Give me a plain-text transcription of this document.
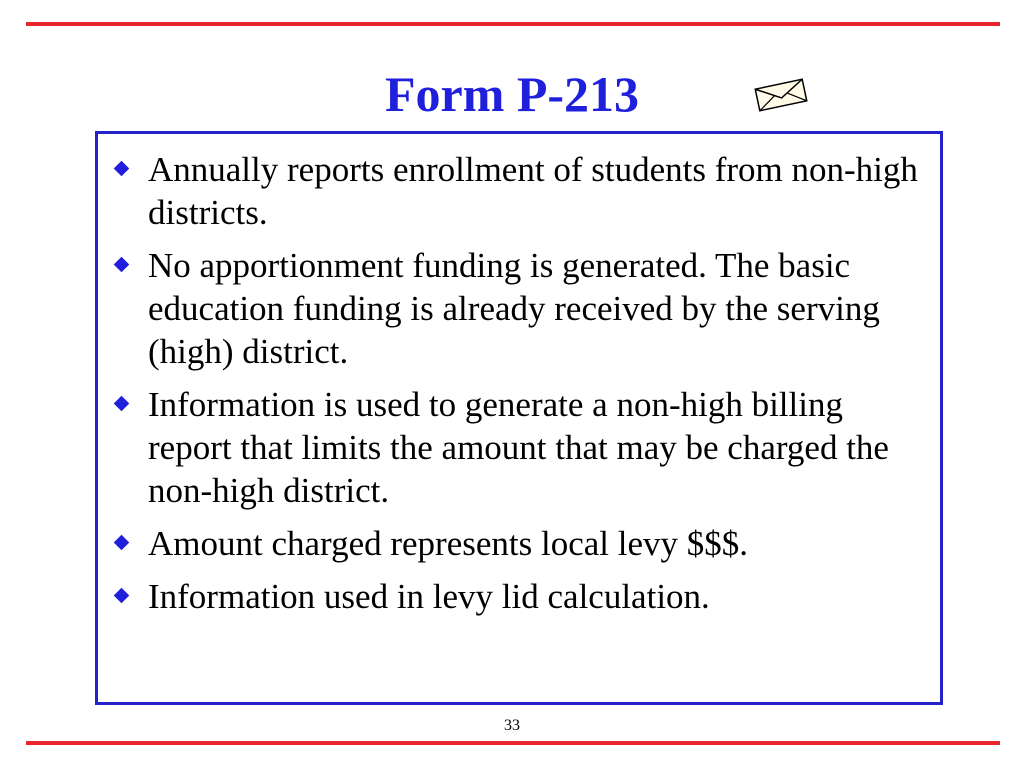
Form P-213
Annually reports enrollment of students from non-high districts.
No apportionment funding is generated. The basic education funding is already received by the serving (high) district.
Information is used to generate a non-high billing report that limits the amount that may be charged the non-high district.
Amount charged represents local levy $$$.
Information used in levy lid calculation.
33
